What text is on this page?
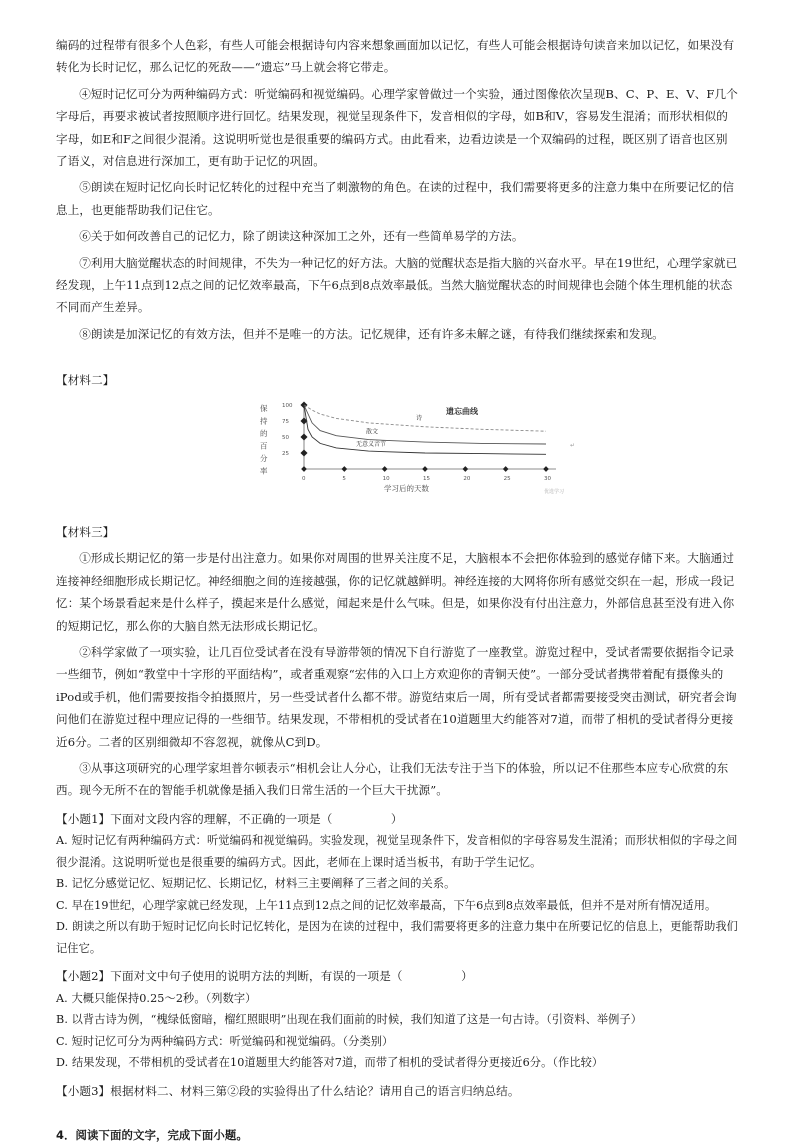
编码的过程带有很多个人色彩，有些人可能会根据诗句内容来想象画面加以记忆，有些人可能会根据诗句读音来加以记忆，如果没有转化为长时记忆，那么记忆的死敌——“遗忘”马上就会将它带走。

④短时记忆可分为两种编码方式：听觉编码和视觉编码。心理学家曾做过一个实验，通过图像依次呈现B、C、P、E、V、F几个字母后，再要求被试者按照顺序进行回忆。结果发现，视觉呈现条件下，发音相似的字母，如B和V，容易发生混淆；而形状相似的字母，如E和F之间很少混淆。这说明听觉也是很重要的编码方式。由此看来，边看边读是一个双编码的过程，既区别了语音也区别了语义，对信息进行深加工，更有助于记忆的巩固。

⑤朗读在短时记忆向长时记忆转化的过程中充当了刺激物的角色。在读的过程中，我们需要将更多的注意力集中在所要记忆的信息上，也更能帮助我们记住它。

⑥关于如何改善自己的记忆力，除了朗读这种深加工之外，还有一些简单易学的方法。

⑦利用大脑觉醒状态的时间规律，不失为一种记忆的好方法。大脑的觉醒状态是指大脑的兴奋水平。早在19世纪，心理学家就已经发现，上午11点到12点之间的记忆效率最高，下午6点到8点效率最低。当然大脑觉醒状态的时间规律也会随个体生理机能的状态不同而产生差异。

⑧朗读是加深记忆的有效方法，但并不是唯一的方法。记忆规律，还有许多未解之谜，有待我们继续探索和发现。

【材料二】

遗忘曲线
保
持
的
百
分
率
100
75
50
25
0	5	10	15	20	25	30
诗
散文
无意义音节
学习后的天数	优选学习
↵

【材料三】

①形成长期记忆的第一步是付出注意力。如果你对周围的世界关注度不足，大脑根本不会把你体验到的感觉存储下来。大脑通过连接神经细胞形成长期记忆。神经细胞之间的连接越强，你的记忆就越鲜明。神经连接的大网将你所有感觉交织在一起，形成一段记忆：某个场景看起来是什么样子，摸起来是什么感觉，闻起来是什么气味。但是，如果你没有付出注意力，外部信息甚至没有进入你的短期记忆，那么你的大脑自然无法形成长期记忆。

②科学家做了一项实验，让几百位受试者在没有导游带领的情况下自行游览了一座教堂。游览过程中，受试者需要依据指令记录一些细节，例如“教堂中十字形的平面结构”，或者重观察“宏伟的入口上方欢迎你的青铜天使”。一部分受试者携带着配有摄像头的iPod或手机，他们需要按指令拍摄照片，另一些受试者什么都不带。游览结束后一周，所有受试者都需要接受突击测试，研究者会询问他们在游览过程中理应记得的一些细节。结果发现，不带相机的受试者在10道题里大约能答对7道，而带了相机的受试者得分更接近6分。二者的区别细微却不容忽视，就像从C到D。

③从事这项研究的心理学家坦普尔顿表示“相机会让人分心，让我们无法专注于当下的体验，所以记不住那些本应专心欣赏的东西。现今无所不在的智能手机就像是插入我们日常生活的一个巨大干扰源”。

【小题1】下面对文段内容的理解，不正确的一项是（　　　　　）

A. 短时记忆有两种编码方式：听觉编码和视觉编码。实验发现，视觉呈现条件下，发音相似的字母容易发生混淆；而形状相似的字母之间很少混淆。这说明听觉也是很重要的编码方式。因此，老师在上课时适当板书，有助于学生记忆。

B. 记忆分感觉记忆、短期记忆、长期记忆，材料三主要阐释了三者之间的关系。

C. 早在19世纪，心理学家就已经发现，上午11点到12点之间的记忆效率最高，下午6点到8点效率最低，但并不是对所有情况适用。

D. 朗读之所以有助于短时记忆向长时记忆转化，是因为在读的过程中，我们需要将更多的注意力集中在所要记忆的信息上，更能帮助我们记住它。

【小题2】下面对文中句子使用的说明方法的判断，有误的一项是（　　　　　）

A. 大概只能保持0.25～2秒。（列数字）

B. 以背古诗为例，“槐绿低窗暗，榴红照眼明”出现在我们面前的时候，我们知道了这是一句古诗。（引资料、举例子）

C. 短时记忆可分为两种编码方式：听觉编码和视觉编码。（分类别）

D. 结果发现，不带相机的受试者在10道题里大约能答对7道，而带了相机的受试者得分更接近6分。（作比较）

【小题3】根据材料二、材料三第②段的实验得出了什么结论？请用自己的语言归纳总结。

4．阅读下面的文字，完成下面小题。
